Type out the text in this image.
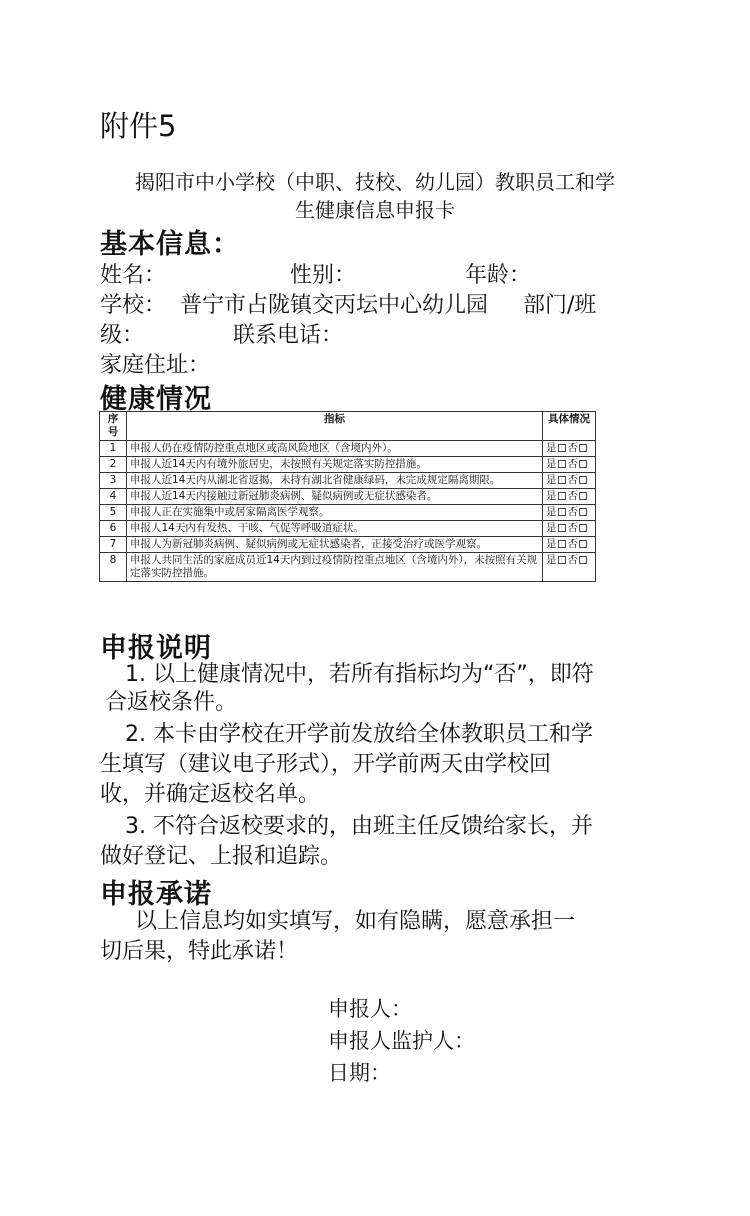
附件5
揭阳市中小学校（中职、技校、幼儿园）教职员工和学
生健康信息申报卡
基本信息：
姓名：	性别：	年龄：
学校：  普宁市占陇镇交丙坛中心幼儿园     部门/班
级：	联系电话：
家庭住址：
健康情况
序号	指标	具体情况
1	申报人仍在疫情防控重点地区或高风险地区（含境内外）。	是 否
2	申报人近14天内有境外旅居史，未按照有关规定落实防控措施。	是 否
3	申报人近14天内从湖北省返揭，未持有湖北省健康绿码，未完成规定隔离期限。	是 否
4	申报人近14天内接触过新冠肺炎病例、疑似病例或无症状感染者。	是 否
5	申报人正在实施集中或居家隔离医学观察。	是 否
6	申报人14天内有发热、干咳、气促等呼吸道症状。	是 否
7	申报人为新冠肺炎病例、疑似病例或无症状感染者，正接受治疗或医学观察。	是 否
8	申报人共同生活的家庭成员近14天内到过疫情防控重点地区（含境内外），未按照有关规定落实防控措施。	是 否
申报说明
1. 以上健康情况中，若所有指标均为“否”，即符
合返校条件。
2. 本卡由学校在开学前发放给全体教职员工和学
生填写（建议电子形式），开学前两天由学校回
收，并确定返校名单。
3. 不符合返校要求的，由班主任反馈给家长，并
做好登记、上报和追踪。
申报承诺
以上信息均如实填写，如有隐瞒，愿意承担一
切后果，特此承诺！
申报人：
申报人监护人：
日期：
